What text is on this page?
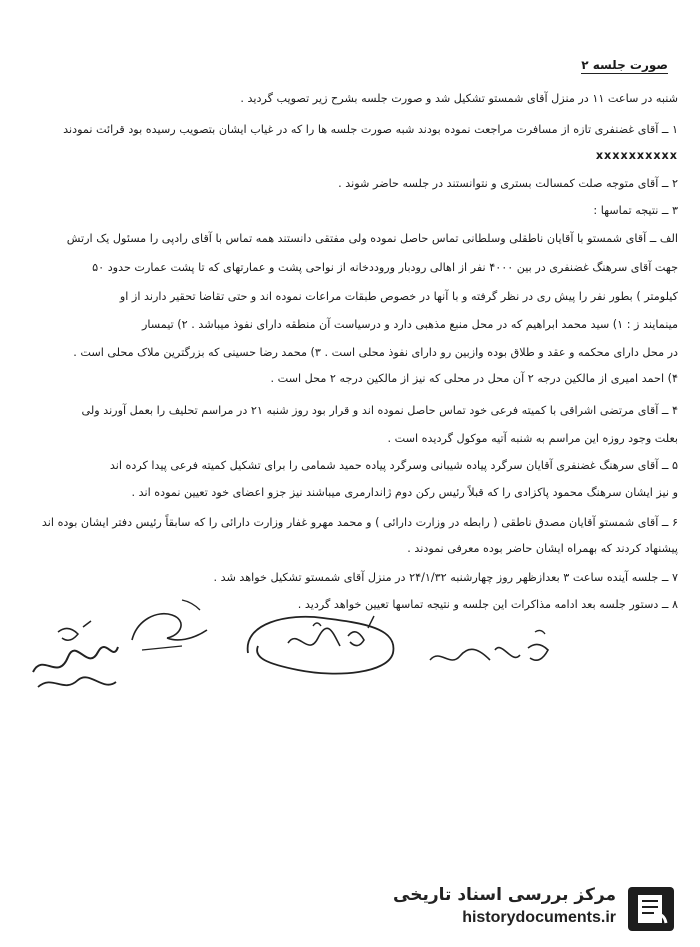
صورت جلسه ۲
شنبه در ساعت ۱۱ در منزل آقای شمستو تشکیل شد و صورت جلسه بشرح زیر تصویب گردید .
۱ ــ آقای غضنفری تازه از مسافرت مراجعت نموده بودند شبه صورت جلسه ها را که در غیاب ایشان بتصویب رسیده بود قرائت نمودند
xxxxxxxxxx
۲ ــ آقای متوجه صلت کمسالت بستری و نتوانستند در جلسه حاضر شوند .
۳ ــ نتیجه تماسها :
الف ــ آقای شمستو با آقایان ناطقلی وسلطانی تماس حاصل نموده ولی مفتقی دانستند همه تماس با آقای رادپی را مسئول یک ارتش
جهت آقای سرهنگ غضنفری در بین ۴۰۰۰ نفر از اهالی رودبار وروددخانه از نواحی پشت و عمارتهای که تا پشت عمارت حدود ۵۰
کیلومتر ) بطور نفر را پیش ری در نظر گرفته و با آنها در خصوص طبقات مراعات نموده اند و حتی تقاضا تحقیر دارند از او
مینمایند ز : ۱) سید محمد ابراهیم که در محل منبع مذهبی دارد و درسیاست آن منطقه دارای نفوذ میباشد . ۲) تیمسار
در محل دارای محکمه و عقد و طلاق بوده وازبین رو دارای نفوذ محلی است . ۳) محمد رضا حسینی که بزرگترین ملاک محلی است .
۴) احمد امیری از مالکین درجه ۲ آن محل در محلی که نیز از مالکین درجه ۲ محل است .
۴ ــ آقای مرتضی اشراقی با کمیته فرعی خود تماس حاصل نموده اند و قرار بود روز شنبه ۲۱ در مراسم تحلیف را بعمل آورند ولی
بعلت وجود روزه این مراسم به شنبه آتیه موکول گردیده است .
۵ ــ آقای سرهنگ غضنفری آقایان سرگرد پیاده شیبانی وسرگرد پیاده حمید شمامی را برای تشکیل کمیته فرعی پیدا کرده اند
و نیز ایشان سرهنگ محمود پاکزادی را که قبلاً رئیس رکن دوم ژاندارمری میباشند نیز جزو اعضای خود تعیین نموده اند .
۶ ــ آقای شمستو آقایان مصدق ناطقی ( رابطه در وزارت دارائی ) و محمد مهرو غفار وزارت دارائی را که سابقاً رئیس دفتر ایشان بوده اند
پیشنهاد کردند که بهمراه ایشان حاضر بوده معرفی نمودند .
۷ ــ جلسه آینده ساعت ۳ بعدازظهر روز چهارشنبه ۲۴/۱/۳۲ در منزل آقای شمستو تشکیل خواهد شد .
۸ ــ دستور جلسه بعد ادامه مذاکرات این جلسه و نتیجه تماسها تعیین خواهد گردید .
مرکز بررسی اسناد تاریخی
historydocuments.ir
